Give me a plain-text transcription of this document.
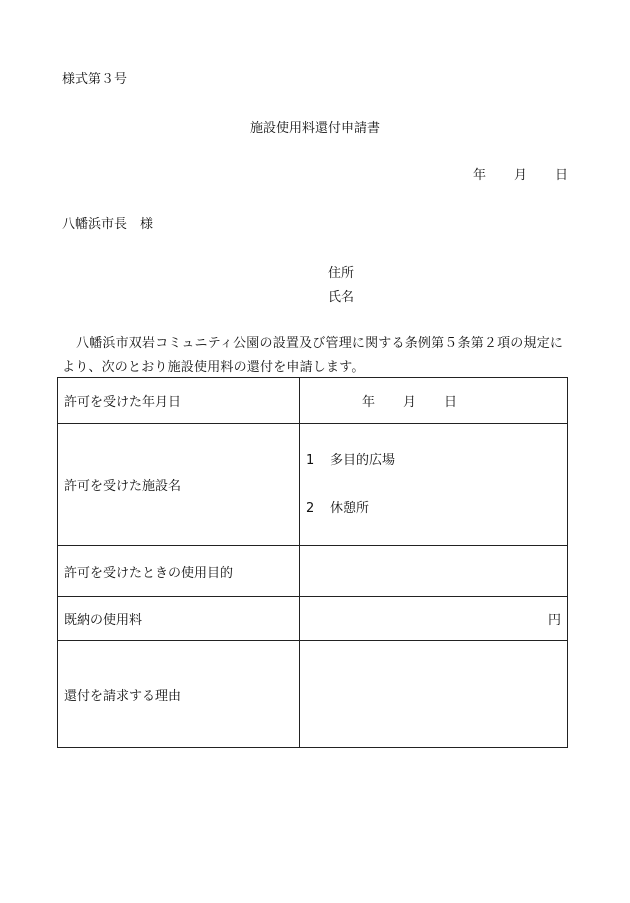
様式第３号
施設使用料還付申請書
年 月 日
八幡浜市長　様
住所
氏名
八幡浜市双岩コミュニティ公園の設置及び管理に関する条例第５条第２項の規定により、次のとおり施設使用料の還付を申請します。
許可を受けた年月日	年 月 日
許可を受けた施設名	1 多目的広場

2 休憩所

許可を受けたときの使用目的	
既納の使用料	円
還付を請求する理由	
